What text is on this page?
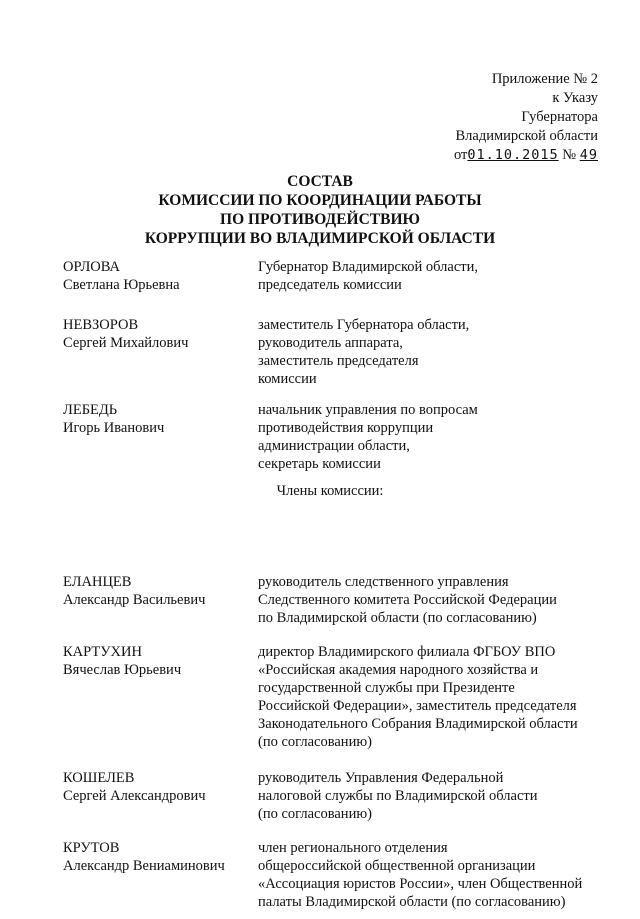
Приложение № 2
к Указу
Губернатора
Владимирской области
от01.10.2015 № 49
СОСТАВ
КОМИССИИ ПО КООРДИНАЦИИ РАБОТЫ
ПО ПРОТИВОДЕЙСТВИЮ
КОРРУПЦИИ ВО ВЛАДИМИРСКОЙ ОБЛАСТИ
ОРЛОВА
Светлана Юрьевна
Губернатор Владимирской области,
председатель комиссии
НЕВЗОРОВ
Сергей Михайлович
заместитель Губернатора области,
руководитель аппарата,
заместитель председателя
комиссии
ЛЕБЕДЬ
Игорь Иванович
начальник управления по вопросам
противодействия коррупции
администрации области,
секретарь комиссии
ЕЛАНЦЕВ
Александр Васильевич
руководитель следственного управления
Следственного комитета Российской Федерации
по Владимирской области (по согласованию)
КАРТУХИН
Вячеслав Юрьевич
директор Владимирского филиала ФГБОУ ВПО
«Российская академия народного хозяйства и
государственной службы при Президенте
Российской Федерации», заместитель председателя
Законодательного Собрания Владимирской области
(по согласованию)
КОШЕЛЕВ
Сергей Александрович
руководитель Управления Федеральной
налоговой службы по Владимирской области
(по согласованию)
КРУТОВ
Александр Вениаминович
член регионального отделения
общероссийской общественной организации
«Ассоциация юристов России», член Общественной
палаты Владимирской области (по согласованию)
Члены комиссии:
